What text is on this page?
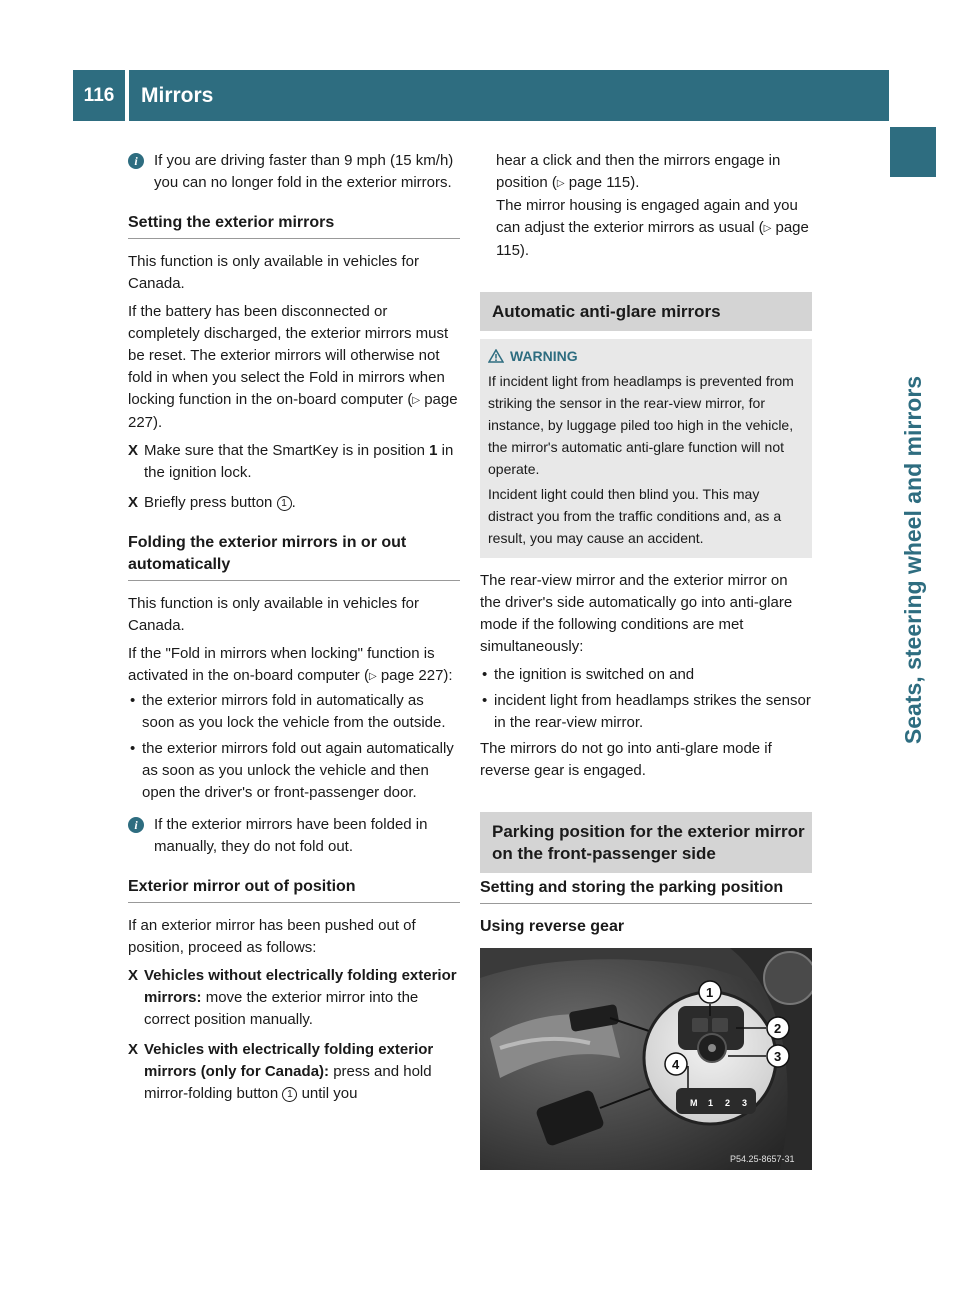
116	Mirrors
Seats, steering wheel and mirrors
i	If you are driving faster than 9 mph (15 km/h) you can no longer fold in the exterior mirrors.
Setting the exterior mirrors

This function is only available in vehicles for Canada.

If the battery has been disconnected or completely discharged, the exterior mirrors must be reset. The exterior mirrors will otherwise not fold in when you select the Fold in mirrors when locking function in the on-board computer (▷ page 227).

X Make sure that the SmartKey is in position 1 in the ignition lock.
X Briefly press button 1 .
Folding the exterior mirrors in or out automatically

This function is only available in vehicles for Canada.

If the "Fold in mirrors when locking" function is activated in the on-board computer (▷ page 227):

• the exterior mirrors fold in automatically as soon as you lock the vehicle from the outside.
• the exterior mirrors fold out again automatically as soon as you unlock the vehicle and then open the driver's or front-passenger door.
i	If the exterior mirrors have been folded in manually, they do not fold out.
Exterior mirror out of position

If an exterior mirror has been pushed out of position, proceed as follows:

X Vehicles without electrically folding exterior mirrors: move the exterior mirror into the correct position manually.
X Vehicles with electrically folding exterior mirrors (only for Canada): press and hold mirror-folding button 1 until you
hear a click and then the mirrors engage in position (▷ page 115).
The mirror housing is engaged again and you can adjust the exterior mirrors as usual (▷ page 115).
Automatic anti-glare mirrors
WARNING

If incident light from headlamps is prevented from striking the sensor in the rear-view mirror, for instance, by luggage piled too high in the vehicle, the mirror's automatic anti-glare function will not operate.

Incident light could then blind you. This may distract you from the traffic conditions and, as a result, you may cause an accident.

The rear-view mirror and the exterior mirror on the driver's side automatically go into anti-glare mode if the following conditions are met simultaneously:

• the ignition is switched on and
• incident light from headlamps strikes the sensor in the rear-view mirror.

The mirrors do not go into anti-glare mode if reverse gear is engaged.

Parking position for the exterior mirror on the front-passenger side
Setting and storing the parking position
Using reverse gear
M 1 2 3
1
2
3
4
P54.25-8657-31
